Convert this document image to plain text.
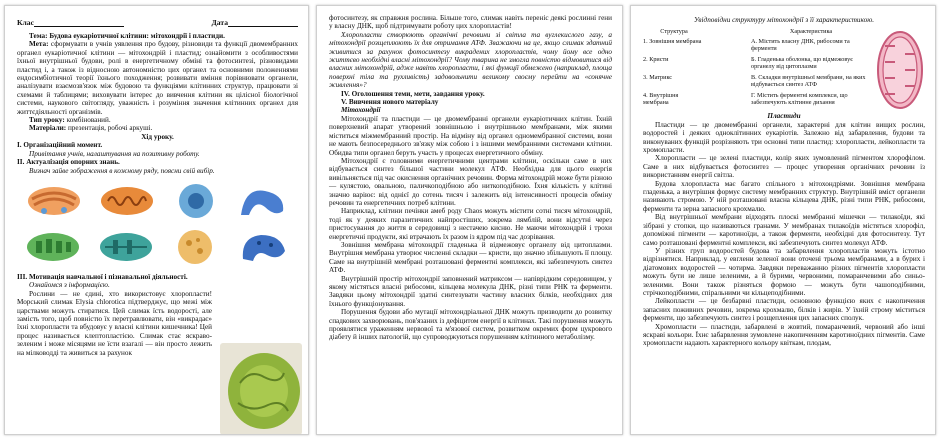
Клас	Дата

Тема: Будова еукаріотичної клітини: мітохондрії і пластиди.

Мета: сформувати в учнів уявлення про будову, різновиди та функції двомембранних органел еукаріотичної клітини — мітохондрій і пластид; ознайомити з особливостями їхньої внутрішньої будови, ролі в енергетичному обміні та фотосинтезі, різновидами пластид і, а також із відносною автономністю цих органел та основними положеннями ендосимбіотичної теорії їхнього походження; розвивати вміння порівнювати органели, аналізувати взаємозв'язок між будовою та функціями клітинних структур, працювати зі схемами й таблицями; виховувати інтерес до вивчення клітини як цілісної біологічної системи, наукового світогляду, уважність і розуміння значення клітинних органел для життєдіяльності організмів.

Тип уроку: комбінований.

Матеріали: презентація, робочі аркуші.

Хід уроку.

І. Організаційний момент.

Привітання учнів, налаштування на позитивну роботу.

ІІ. Актуалізація опорних знань.

Визнач зайве зображення в кожному ряду, поясни свій вибір.

ІІІ. Мотивація навчальної і пізнавальної діяльності.

Ознайомся з інформацією.

Рослини — не єдині, хто використовує хлоропласти! Морський слимак Elysia chlorotica підтверджує, що межі між царствами можуть стиратися. Цей слимак їсть водорості, але замість того, щоб повністю їх перетравлювати, він «викрадає» їхні хлоропласти та вбудовує у власні клітини кишечника! Цей процес називається клептопластією. Слимак стає яскраво-зеленим і може місяцями не їсти взагалі — він просто лежить на мілководді та живиться за рахунок

фотосинтезу, як справжня рослина. Більше того, слимак навіть переніс деякі рослинні гени у власну ДНК, щоб підтримувати роботу цих хлоропластів!

Хлоропласти створюють органічні речовини зі світла та вуглекислого газу, а мітохондрії розщеплюють їх для отримання АТФ. Зважаючи на це, якщо слимак здатний живитися за рахунок фотосинтезу викрадених хлоропластів, чому йому все одно життєво необхідні власні мітохондрії? Чому тварина не змогла повністю відмовитися від власних мітохондрій, адже навіть хлоропласти, і які функції обмежено (наприклад, площа поверхні тіла та рухливість) задовольнити великому своєму перейти на «сонячне живлення»?

IV. Оголошення теми, мети, завдання уроку.

V. Вивчення нового матеріалу

Мітохондрії

Мітохондрії та пластиди — це двомембранні органели еукаріотичних клітин. Їхній поверхневий апарат утворений зовнішньою і внутрішньою мембранами, між якими міститься міжмембранний простір. На відміну від органел одномембранної системи, вони не мають безпосереднього зв'язку між собою і з іншими мембранними системами клітини. Обидва типи органел беруть участь у процесах енергетичного обміну.

Мітохондрії є головними енергетичними центрами клітини, оскільки саме в них відбувається синтез більшої частини молекул АТФ. Необхідна для цього енергія вивільняється під час окиснення органічних речовин. Форма мітохондрій може бути різною — кулястою, овальною, паличкоподібною або ниткоподібною. Їхня кількість у клітині значно варіює: від однієї до сотень тисяч і залежить від інтенсивності процесів обміну речовин та енергетичних потреб клітини.

Наприклад, клітини печінки амеб роду Chaos можуть містити сотні тисяч мітохондрій, тоді як у деяких паразитичних найпростіших, зокрема лямблій, вони відсутні через пристосування до життя в середовищі з нестачею кисню. Не маючи мітохондрій і трохи енергетичні продукти, які втрачають їх разом із ядром під час дозрівання.

Зовнішня мембрана мітохондрії гладенька й відмежовує органелу від цитоплазми. Внутрішня мембрана утворює численні складки — кристи, що значно збільшують її площу. Саме на внутрішній мембрані розташовані ферментні комплекси, які забезпечують синтез АТФ.

Внутрішній простір мітохондрії заповнений матриксом — напіврідким середовищем, у якому містяться власні рибосоми, кільцева молекула ДНК, різні типи РНК та ферменти. Завдяки цьому мітохондрії здатні синтезувати частину власних білків, необхідних для їхнього функціонування.

Порушення будови або мутації мітохондріальної ДНК можуть призводити до розвитку спадкових захворювань, пов'язаних із дефіцитом енергії в клітинах. Такі порушення можуть проявлятися ураженням нервової та м'язової систем, розвитком окремих форм цукрового діабету й інших патологій, що супроводжуються порушенням клітинного метаболізму.

Увідповідни структуру мітохондрії з її характеристикою.

Структура
1. Зовнішня мембрана
2. Кристи
3. Матрикс
4. Внутрішня мембрана
Характеристика
А. Містить власну ДНК, рибосоми та ферменти
Б. Гладенька оболонка, що відмежовує органелу від цитоплазми
В. Складки внутрішньої мембрани, на яких відбувається синтез АТФ
Г. Містить ферментні комплекси, що забезпечують клітинне дихання

Пластиди

Пластиди — це двомембранні органели, характерні для клітин вищих рослин, водоростей і деяких одноклітинних еукаріотів. Залежно від забарвлення, будови та виконуваних функцій розрізняють три основні типи пластид: хлоропласти, лейкопласти та хромопласти.

Хлоропласти — це зелені пластиди, колір яких зумовлений пігментом хлорофілом. Саме в них відбувається фотосинтез — процес утворення органічних речовин із використанням енергії світла.

Будова хлоропласта має багато спільного з мітохондріями. Зовнішня мембрана гладенька, а внутрішня формує систему мембранних структур. Внутрішній вміст органели називають стромою. У ній розташовані власна кільцева ДНК, різні типи РНК, рибосоми, ферменти та зерна запасного крохмалю.

Від внутрішньої мембрани відходять плоскі мембранні мішечки — тилакоїди, які зібрані у стопки, що називаються гранами. У мембранах тилакоїдів містяться хлорофіл, допоміжні пігменти — каротиноїди, а також ферменти, необхідні для фотосинтезу. Тут само розташовані ферментні комплекси, які забезпечують синтез молекул АТФ.

У різних груп водоростей будова та забарвлення хлоропластів можуть істотно відрізнятися. Наприклад, у евглени зеленої вони оточені трьома мембранами, а в бурих і діатомових водоростей — чотирма. Завдяки переважанню різних пігментів хлоропласти можуть бути не лише зеленими, а й бурими, червоними, помаранчевими або синьо-зеленими. Вони також різняться формою — можуть бути чашоподібними, стрічкоподібними, спіральними чи кільцеподібними.

Лейкопласти — це безбарвні пластиди, основною функцією яких є накопичення запасних поживних речовин, зокрема крохмалю, білків і жирів. У їхній строму міститься ферменти, що забезпечують синтез і розщеплення цих запасних сполук.

Хромопласти — пластиди, забарвлені в жовтий, помаранчевий, червоний або інші яскраві кольори. Їхнє забарвлення зумовлене накопиченням каротиноїдних пігментів. Саме хромопласти надають характерного кольору квіткам, плодам,
